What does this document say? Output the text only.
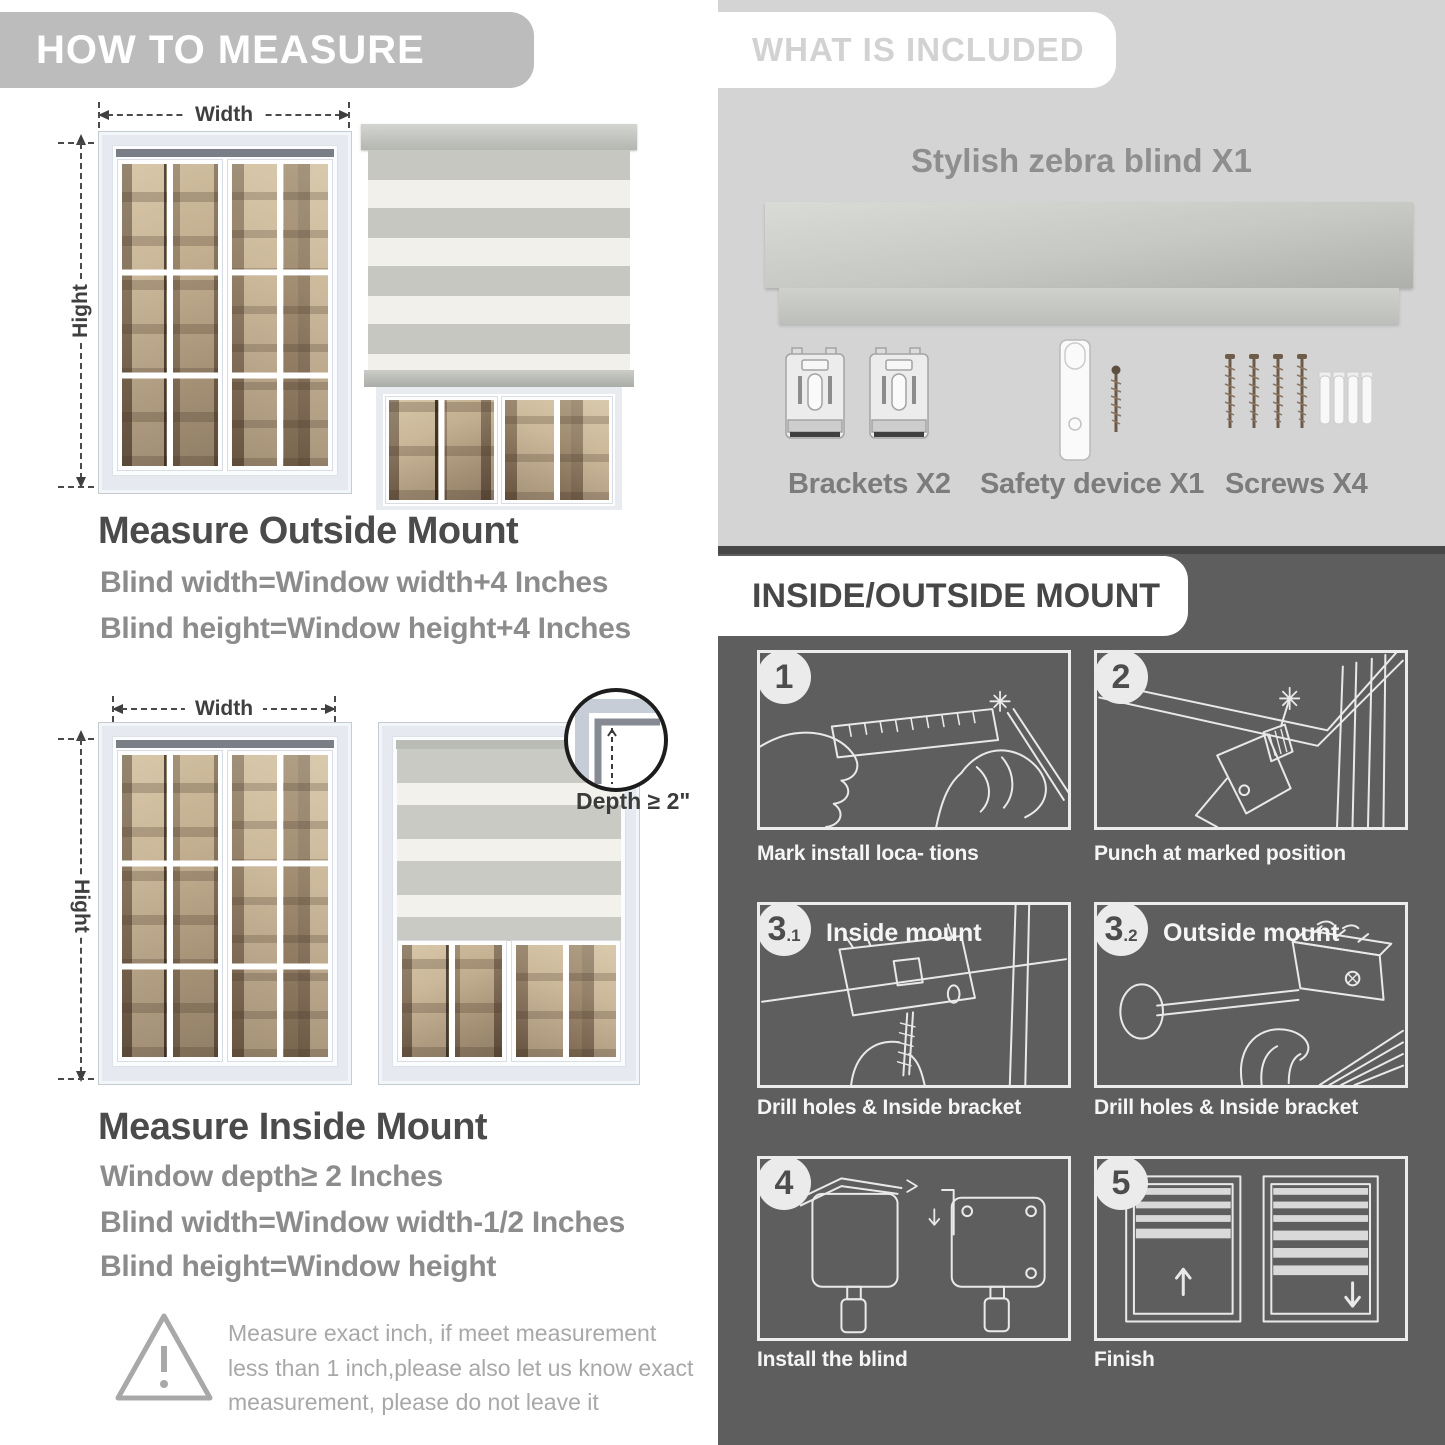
HOW TO MEASURE
Width
Hight
Measure Outside Mount
Blind width=Window width+4 Inches
Blind height=Window height+4 Inches
Width
Hight
Depth ≥ 2"
Measure Inside Mount
Window depth≥ 2 Inches
Blind width=Window width-1/2 Inches
Blind height=Window height
Measure exact inch, if meet measurement less than 1 inch,please also let us know exact measurement, please do not leave it
WHAT IS INCLUDED
Stylish zebra blind X1
Brackets X2 Safety device X1 Screws X4
INSIDE/OUTSIDE MOUNT
1
Mark install loca- tions
2
Punch at marked position
3 .1 Inside mount
Drill holes & Inside bracket
3 .2 Outside mount
Drill holes & Inside bracket
4
Install the blind
5
Finish
